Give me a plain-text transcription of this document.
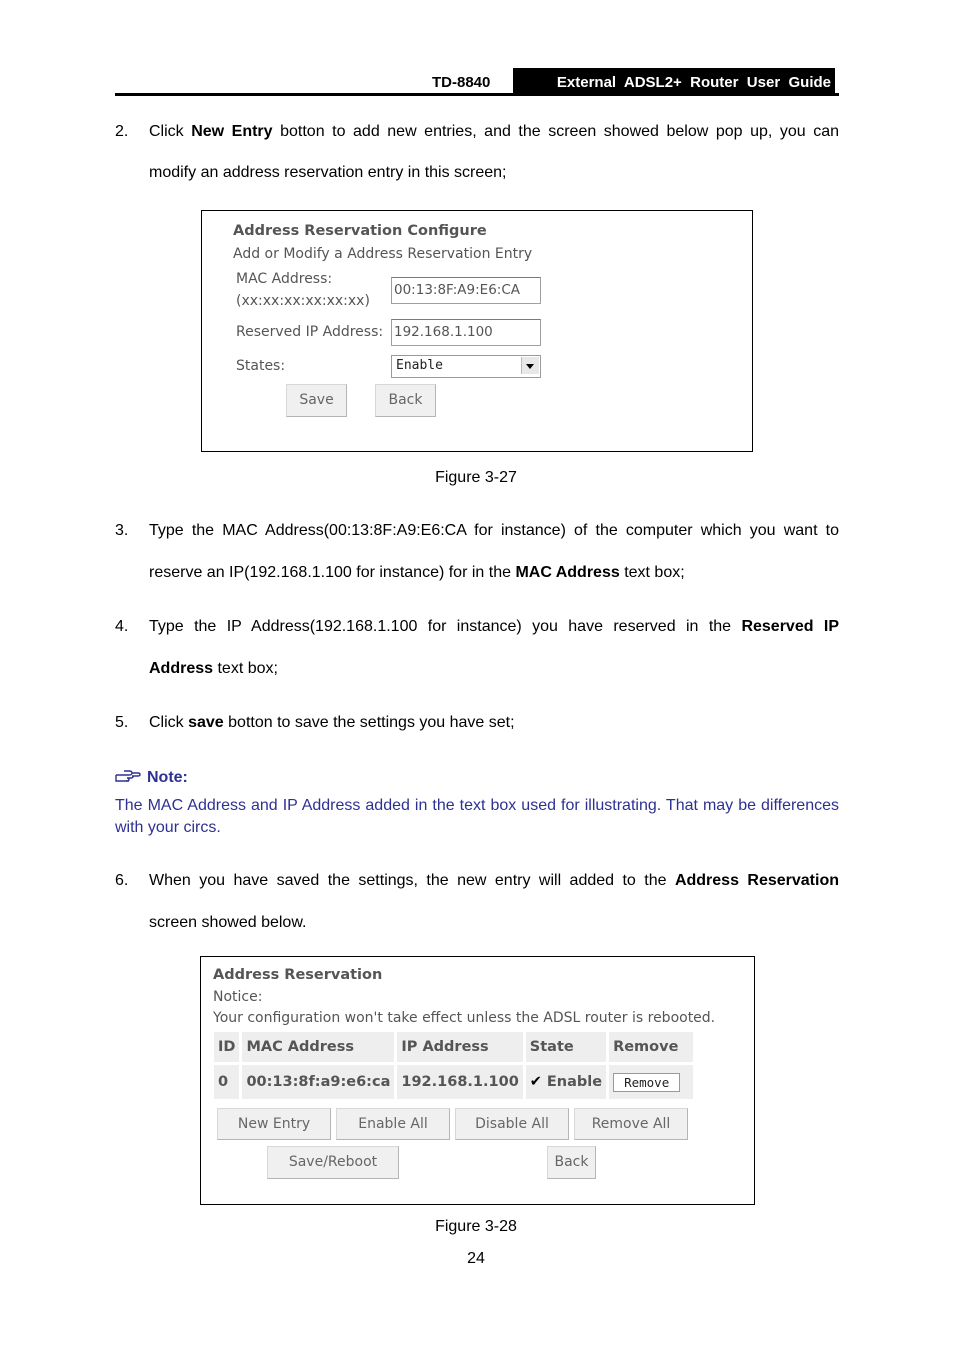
TD-8840	External  ADSL2+  Router  User  Guide
2. Click New Entry botton to add new entries, and the screen showed below pop up, you can
modify an address reservation entry in this screen;
Address Reservation Configure
Add or Modify a Address Reservation Entry
MAC Address:
(xx:xx:xx:xx:xx:xx)
00:13:8F:A9:E6:CA
Reserved IP Address: 192.168.1.100
States:	Enable
Save	Back
Figure 3-27
3. Type the MAC Address(00:13:8F:A9:E6:CA for instance) of the computer which you want to
reserve an IP(192.168.1.100 for instance) for in the MAC Address text box;
4. Type the IP Address(192.168.1.100 for instance) you have reserved in the Reserved IP
Address text box;
5. Click save botton to save the settings you have set;
Note:
The MAC Address and IP Address added in the text box used for illustrating. That may be differences with your circs.
6. When you have saved the settings, the new entry will added to the Address Reservation
screen showed below.
Address Reservation
Notice:
Your configuration won't take effect unless the ADSL router is rebooted.
ID	MAC Address	IP Address	State	Remove
0	00:13:8f:a9:e6:ca	192.168.1.100	✔ Enable	Remove
New Entry	Enable All	Disable All	Remove All
Save/Reboot	Back
Figure 3-28
24
